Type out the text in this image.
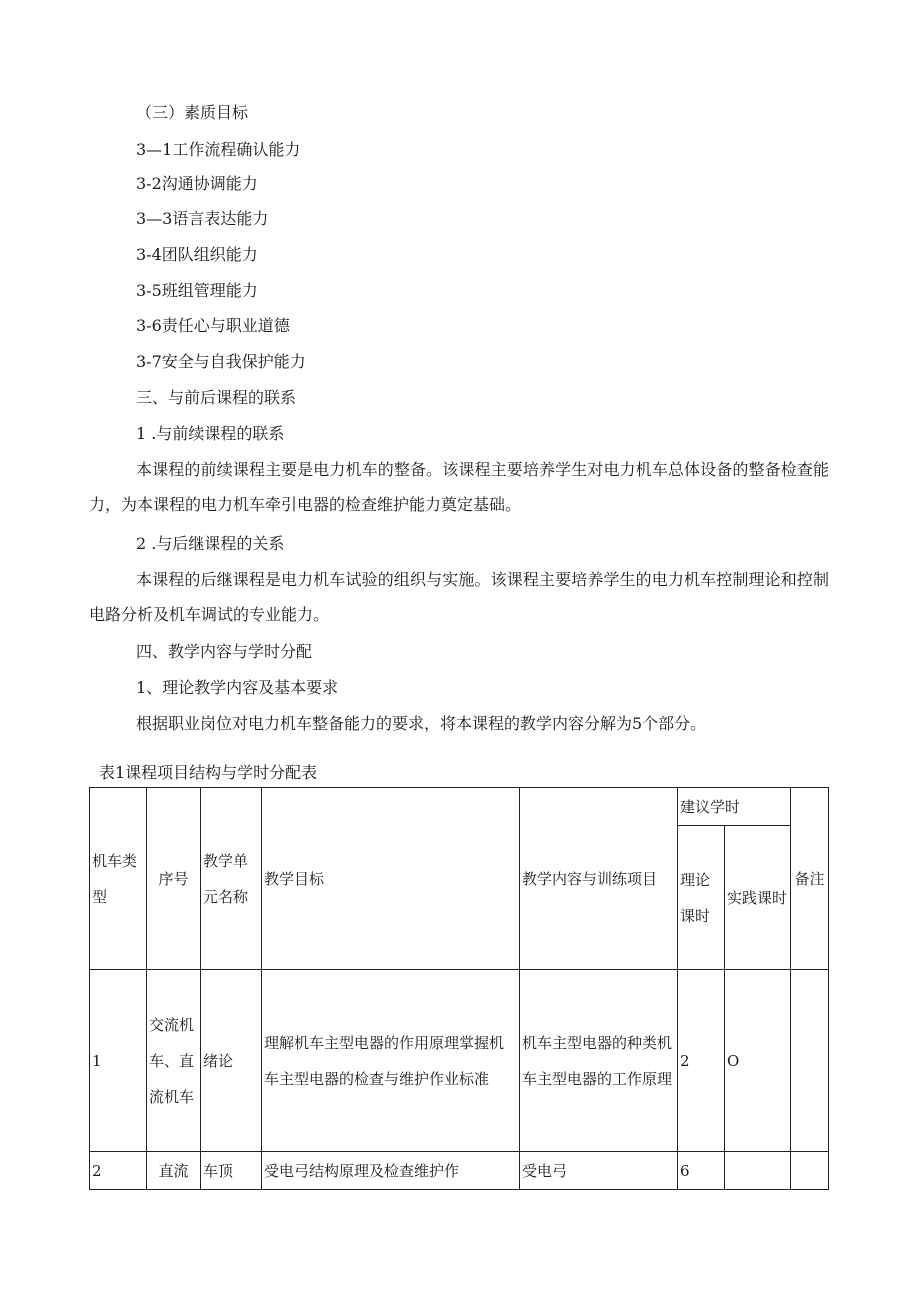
（三）素质目标
3—1工作流程确认能力
3-2沟通协调能力
3—3语言表达能力
3-4团队组织能力
3-5班组管理能力
3-6责任心与职业道德
3-7安全与自我保护能力
三、与前后课程的联系
1 .与前续课程的联系
本课程的前续课程主要是电力机车的整备。该课程主要培养学生对电力机车总体设备的整备检查能力，为本课程的电力机车牵引电器的检查维护能力奠定基础。
2 .与后继课程的关系
本课程的后继课程是电力机车试验的组织与实施。该课程主要培养学生的电力机车控制理论和控制电路分析及机车调试的专业能力。
四、教学内容与学时分配
1、理论教学内容及基本要求
根据职业岗位对电力机车整备能力的要求，将本课程的教学内容分解为5个部分。
表1课程项目结构与学时分配表
机车类型	序号	教学单元名称	教学目标	教学内容与训练项目	建议学时		备注
					理论课时	实践课时	
1	交流机车、直流机车	绪论	理解机车主型电器的作用原理掌握机车主型电器的检查与维护作业标准	机车主型电器的种类机车主型电器的工作原理	2	O	
2	直流	车顶	受电弓结构原理及检查维护作	受电弓	6		
